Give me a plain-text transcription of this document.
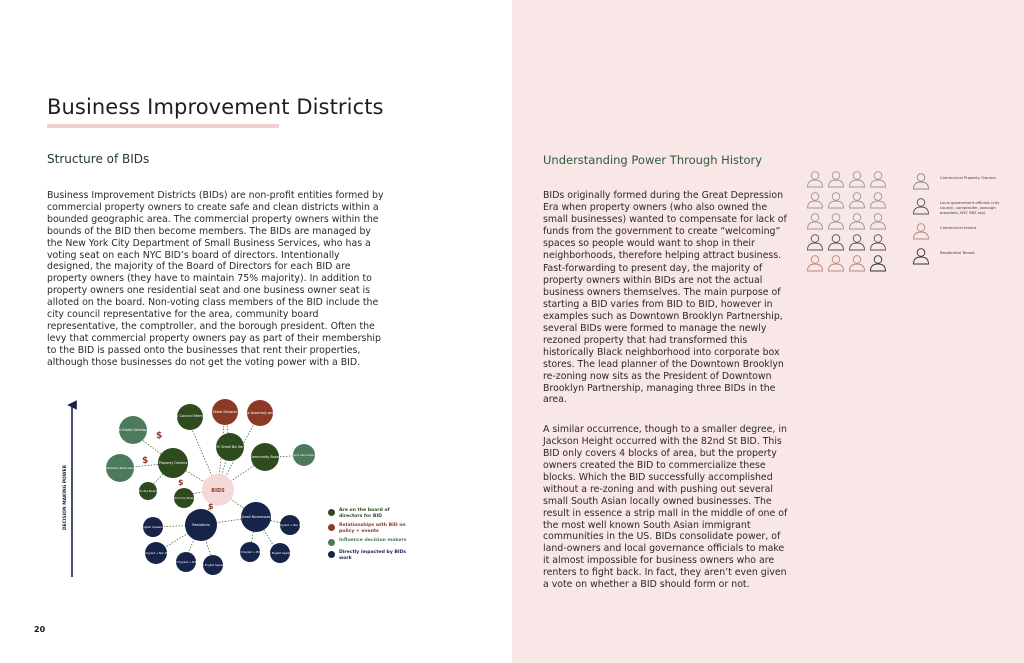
Business Improvement Districts
Structure of BIDs
Business Improvement Districts (BIDs) are non-profit entities formed by commercial property owners to create safe and clean districts within a bounded geographic area. The commercial property owners within the bounds of the BID then become members. The BIDs are managed by the New York City Department of Small Business Services, who has a voting seat on each NYC BID’s board of directors. Intentionally designed, the majority of the Board of Directors for each BID are property owners (they have to maintain 75% majority). In addition to property owners one residential seat and one business owner seat is alloted on the board. Non-voting class members of the BID include the city council representative for the area, community board representative, the comptroller, and the borough president. Often the levy that commercial property owners pay as part of their membership to the BID is passed onto the businesses that rent their properties, although those businesses do not get the voting power with a BID.
DECISION MAKING POWER	BIDS
City Council Member
State Senator State Assembly person
NYC Small Biz Serv.
Community Board	Land Use Comm.
Real Estate Developers
Property Owners
BIG/Chain Businesses
On the Board
Admin for Board
$
$
$
$
Small Businesses
Residents
English Speaking
Immigrant + Non POC
Immigrant + POC
Non English Speaking
Immigrant + Non POC
Immigrant + POC Non English Speaking
Are on the board of directors for BID
Relationships with BID on policy + events
Influence decision makers
Directly impacted by BIDs work
Understanding Power Through History

BIDs originally formed during the Great Depression Era when property owners (who also owned the small businesses) wanted to compensate for lack of funds from the government to create “welcoming” spaces so people would want to shop in their neighborhoods, therefore helping attract business.

Fast-forwarding to present day, the majority of property owners within BIDs are not the actual business owners themselves. The main purpose of starting a BID varies from BID to BID, however in examples such as Downtown Brooklyn Partnership, several BIDs were formed to manage the newly rezoned property that had transformed this historically Black neighborhood into corporate box stores. The lead planner of the Downtown Brooklyn re-zoning now sits as the President of Downtown Brooklyn Partnership, managing three BIDs in the area.

A similar occurrence, though to a smaller degree, in Jackson Height occurred with the 82nd St BID. This BID only covers 4 blocks of area, but the property owners created the BID to commercialize these blocks. Which the BID successfully accomplished without a re-zoning and with pushing out several small South Asian locally owned businesses. The result in essence a strip mall in the middle of one of the most well known South Asian immigrant communities in the US. BIDs consolidate power, of land-owners and local governance officials to make it almost impossible for business owners who are renters to fight back. In fact, they aren’t even given a vote on whether a BID should form or not.

Commercial Property Owners
Local government officials (city council, comptroller, borough president, NYC SBS rep)
Commercial tenant
Residential Tenant
20
